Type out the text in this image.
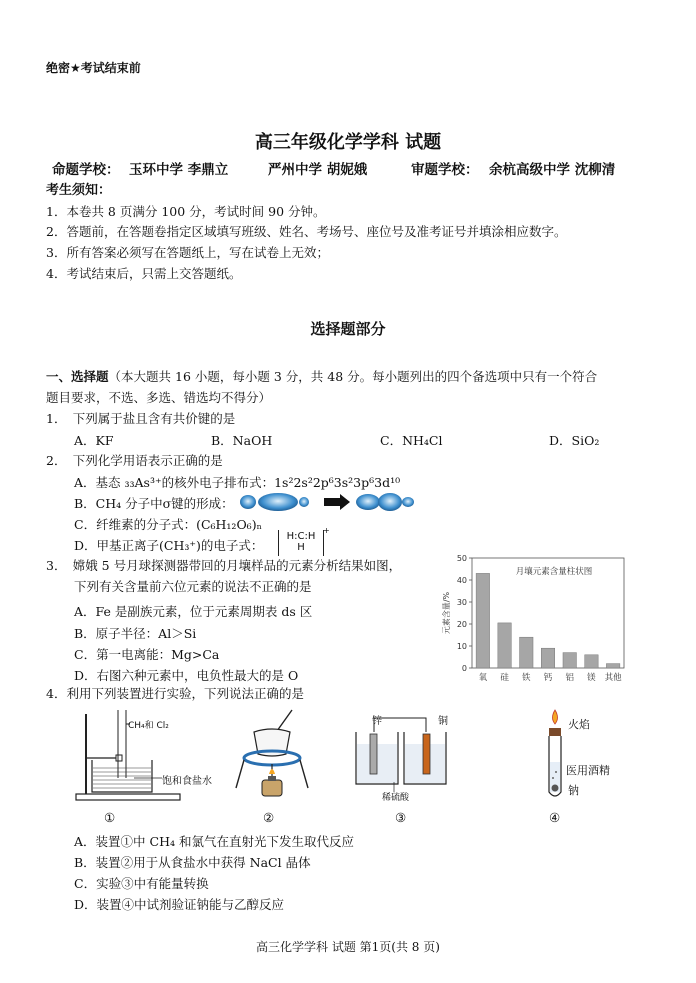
绝密★考试结束前
高三年级化学学科 试题
命题学校： 玉环中学 李鼎立	严州中学 胡妮娥	审题学校： 余杭高级中学 沈柳清
考生须知：
1．本卷共 8 页满分 100 分，考试时间 90 分钟。
2．答题前，在答题卷指定区域填写班级、姓名、考场号、座位号及准考证号并填涂相应数字。
3．所有答案必须写在答题纸上，写在试卷上无效；
4．考试结束后，只需上交答题纸。
选择题部分
一、选择题（本大题共 16 小题，每小题 3 分，共 48 分。每小题列出的四个备选项中只有一个符合
题目要求，不选、多选、错选均不得分）
1．　下列属于盐且含有共价键的是
A．KF	B．NaOH	C．NH₄Cl	D．SiO₂
2．　下列化学用语表示正确的是
A．基态 ₃₃As³⁺的核外电子排布式：1s²2s²2p⁶3s²3p⁶3d¹⁰
B．CH₄ 分子中σ键的形成：
C．纤维素的分子式：(C₆H₁₂O₆)ₙ
D．甲基正离子(CH₃⁺)的电子式：
H:C:H
H
+
3．　嫦娥 5 号月球探测器带回的月壤样品的元素分析结果如图，
下列有关含量前六位元素的说法不正确的是
A．Fe 是副族元素，位于元素周期表 ds 区
B．原子半径：Al＞Si
C．第一电离能：Mg>Ca
D．右图六种元素中，电负性最大的是 O	0
10
20
30
40
50
元素含量/%
月壤元素含量柱状图
氧 硅 铁 钙 铝 镁 其他
4．利用下列装置进行实验，下列说法正确的是
CH₄和 Cl₂
饱和食盐水
锌	铜
稀硫酸
火焰
医用酒精
钠
①	②	③	④
A．装置①中 CH₄ 和氯气在直射光下发生取代反应
B．装置②用于从食盐水中获得 NaCl 晶体
C．实验③中有能量转换
D．装置④中试剂验证钠能与乙醇反应
高三化学学科 试题 第1页(共 8 页)
